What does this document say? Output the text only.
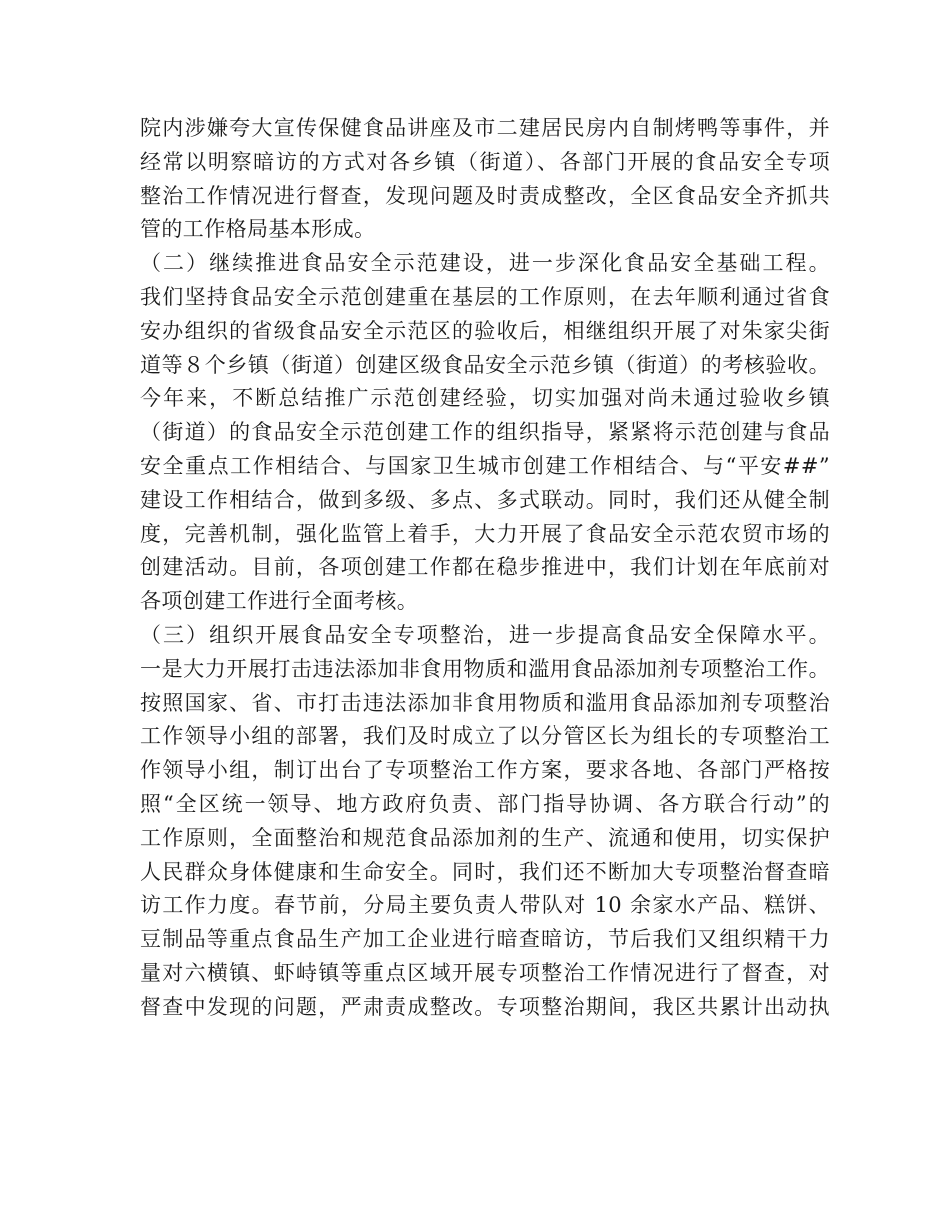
院内涉嫌夸大宣传保健食品讲座及市二建居民房内自制烤鸭等事件，并
经常以明察暗访的方式对各乡镇（街道）、各部门开展的食品安全专项
整治工作情况进行督查，发现问题及时责成整改，全区食品安全齐抓共
管的工作格局基本形成。
（二）继续推进食品安全示范建设，进一步深化食品安全基础工程。
我们坚持食品安全示范创建重在基层的工作原则，在去年顺利通过省食
安办组织的省级食品安全示范区的验收后，相继组织开展了对朱家尖街
道等８个乡镇（街道）创建区级食品安全示范乡镇（街道）的考核验收。
今年来，不断总结推广示范创建经验，切实加强对尚未通过验收乡镇
（街道）的食品安全示范创建工作的组织指导，紧紧将示范创建与食品
安全重点工作相结合、与国家卫生城市创建工作相结合、与“平安##”
建设工作相结合，做到多级、多点、多式联动。同时，我们还从健全制
度，完善机制，强化监管上着手，大力开展了食品安全示范农贸市场的
创建活动。目前，各项创建工作都在稳步推进中，我们计划在年底前对
各项创建工作进行全面考核。
（三）组织开展食品安全专项整治，进一步提高食品安全保障水平。
一是大力开展打击违法添加非食用物质和滥用食品添加剂专项整治工作。
按照国家、省、市打击违法添加非食用物质和滥用食品添加剂专项整治
工作领导小组的部署，我们及时成立了以分管区长为组长的专项整治工
作领导小组，制订出台了专项整治工作方案，要求各地、各部门严格按
照“全区统一领导、地方政府负责、部门指导协调、各方联合行动”的
工作原则，全面整治和规范食品添加剂的生产、流通和使用，切实保护
人民群众身体健康和生命安全。同时，我们还不断加大专项整治督查暗
访工作力度。春节前，分局主要负责人带队对 10 余家水产品、糕饼、
豆制品等重点食品生产加工企业进行暗查暗访，节后我们又组织精干力
量对六横镇、虾峙镇等重点区域开展专项整治工作情况进行了督查，对
督查中发现的问题，严肃责成整改。专项整治期间，我区共累计出动执
